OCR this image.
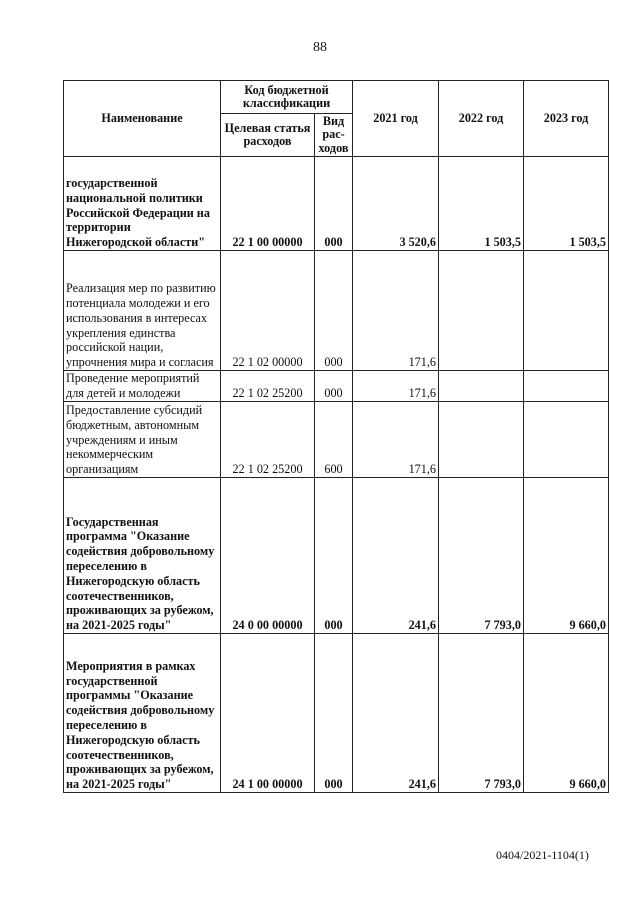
88
Наименование	Код бюджетной классификации		2021 год	2022 год	2023 год
	Целевая статья расходов	Вид рас-ходов			
государственной национальной политики Российской Федерации на территории Нижегородской области"	22 1 00 00000	000	3 520,6	1 503,5	1 503,5
Реализация мер по развитию потенциала молодежи и его использования в интересах укрепления единства российской нации, упрочнения мира и согласия	22 1 02 00000	000	171,6		
Проведение мероприятий для детей и молодежи	22 1 02 25200	000	171,6		
Предоставление субсидий бюджетным, автономным учреждениям и иным некоммерческим организациям	22 1 02 25200	600	171,6		
Государственная программа "Оказание содействия добровольному переселению в Нижегородскую область соотечественников, проживающих за рубежом, на 2021-2025 годы"	24 0 00 00000	000	241,6	7 793,0	9 660,0
Мероприятия в рамках государственной программы "Оказание содействия добровольному переселению в Нижегородскую область соотечественников, проживающих за рубежом, на 2021-2025 годы"	24 1 00 00000	000	241,6	7 793,0	9 660,0
0404/2021-1104(1)
